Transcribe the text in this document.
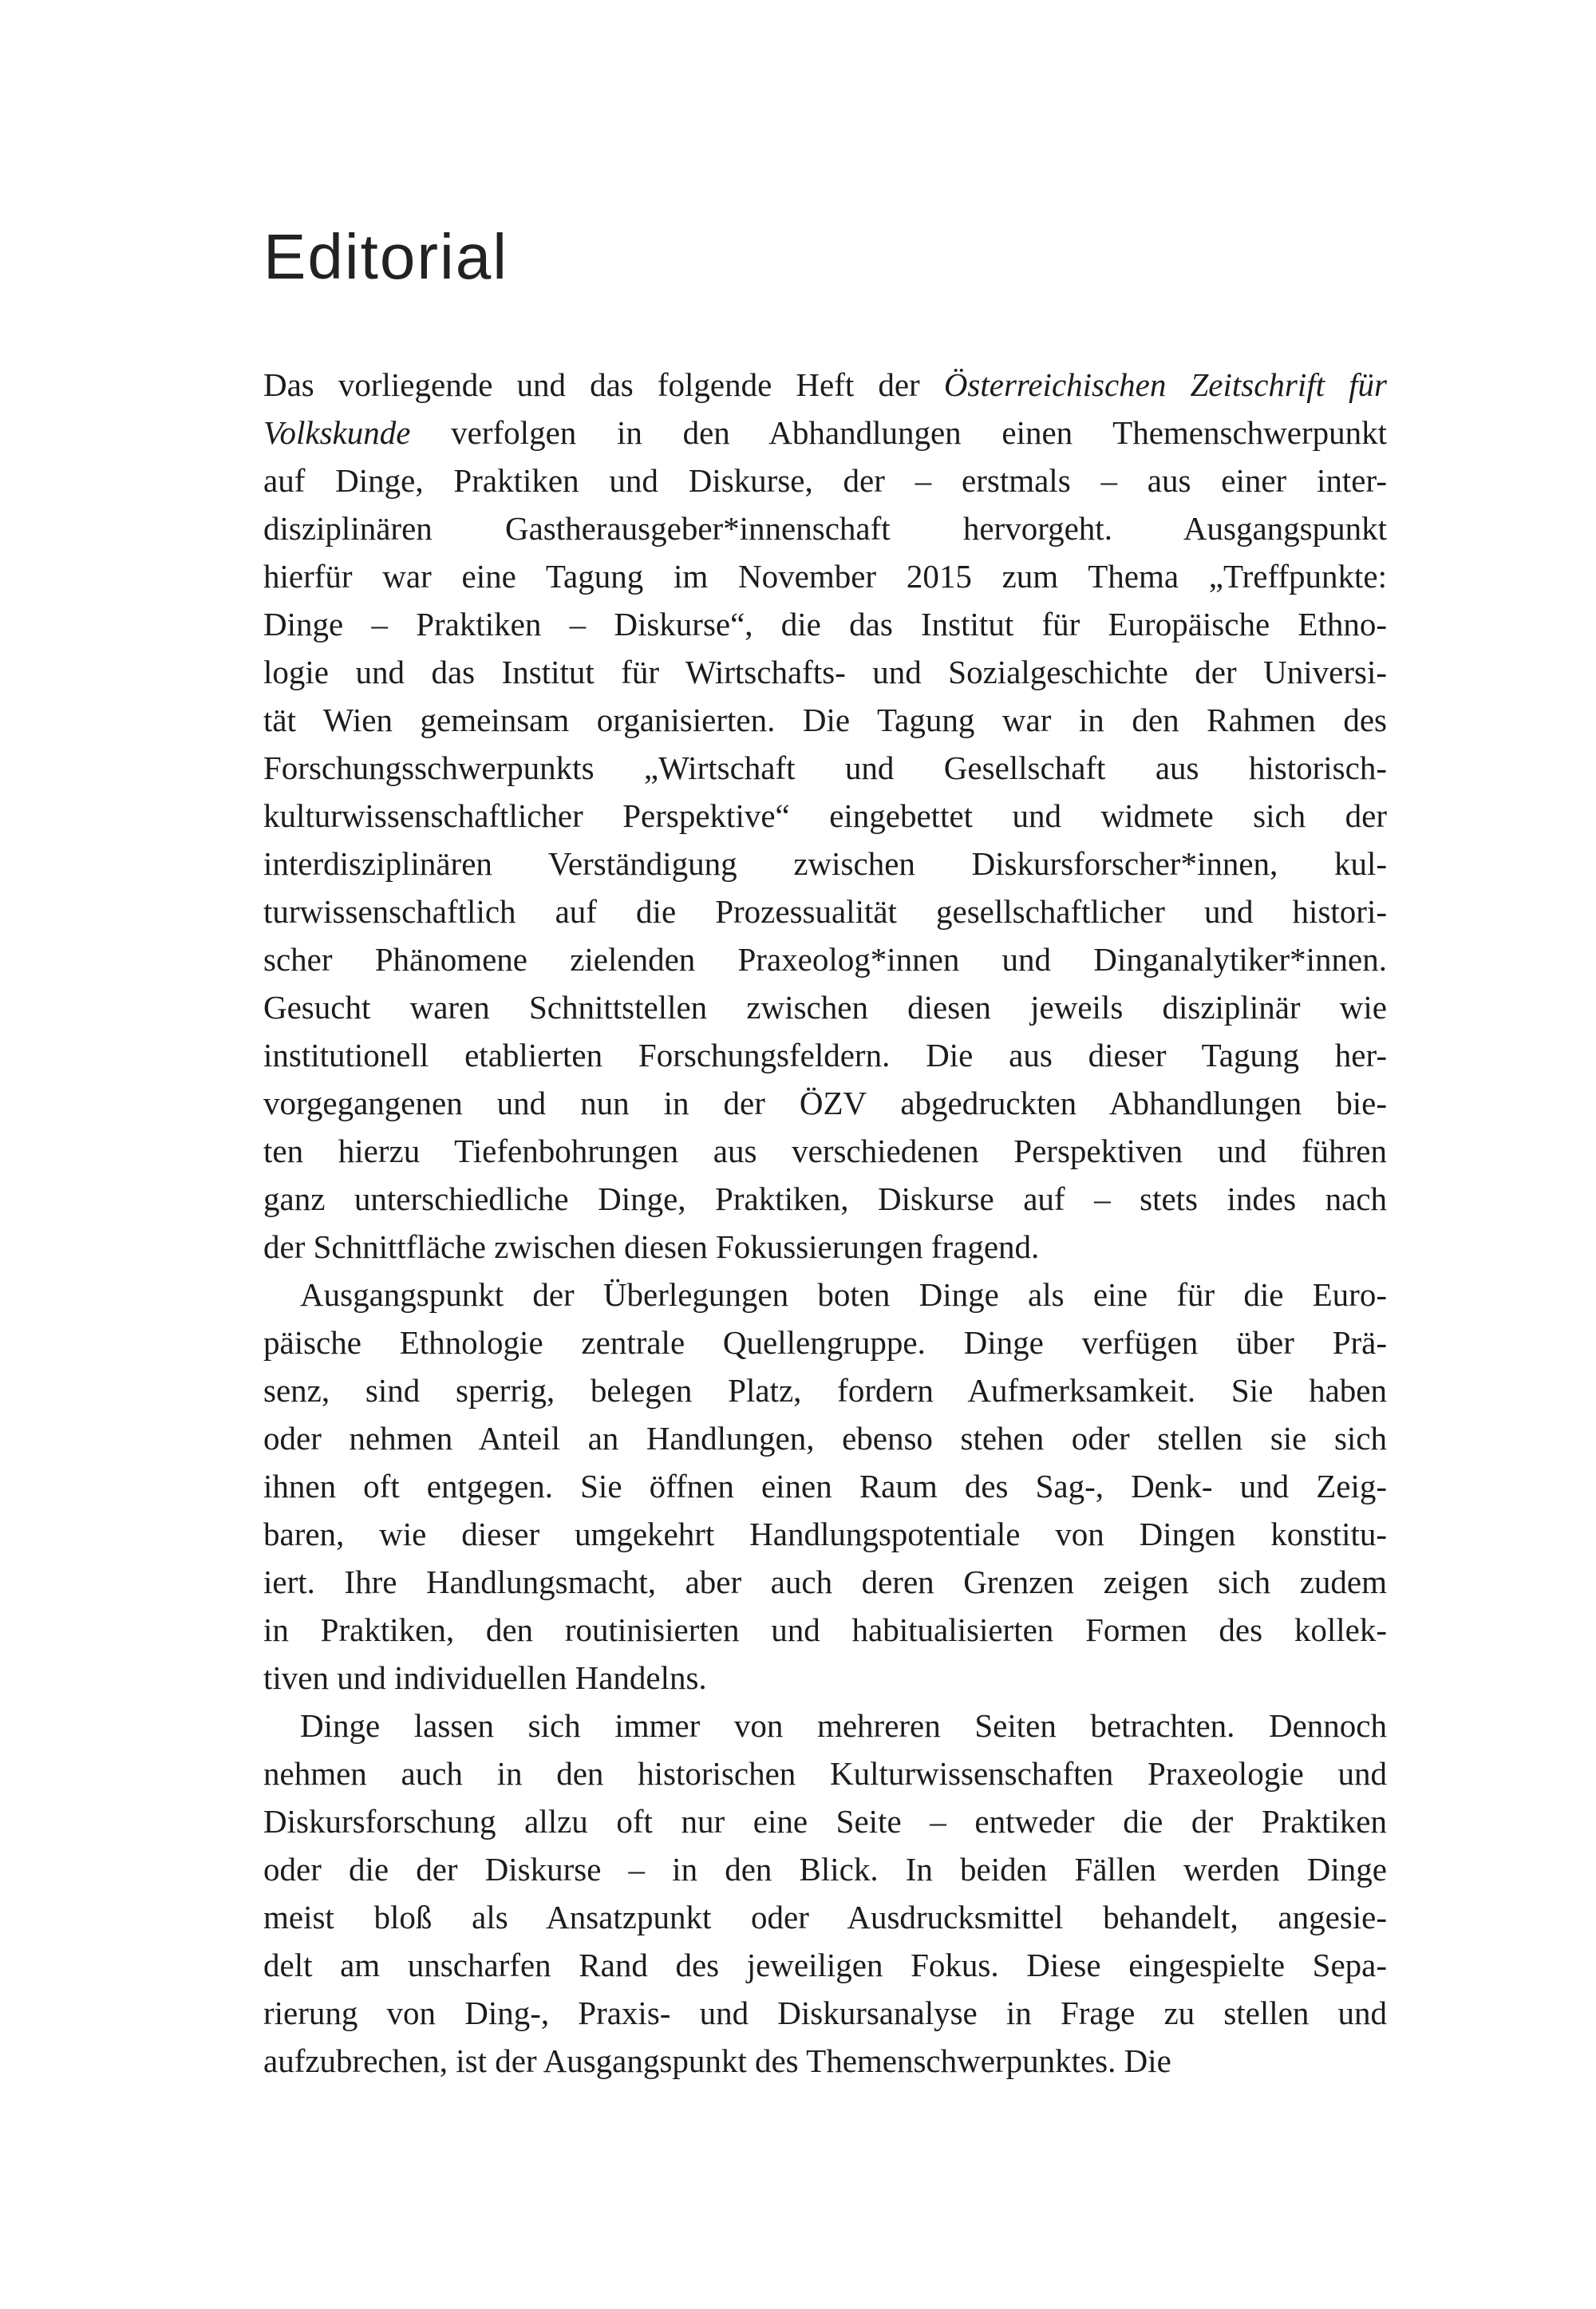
Editorial
Das vorliegende und das folgende Heft der Österreichischen Zeitschrift für
Volkskunde verfolgen in den Abhandlungen einen Themenschwerpunkt
auf Dinge, Praktiken und Diskurse, der – erstmals – aus einer inter-
disziplinären Gastherausgeber*innenschaft hervorgeht. Ausgangspunkt
hierfür war eine Tagung im November 2015 zum Thema „Treffpunkte:
Dinge – Praktiken – Diskurse“, die das Institut für Europäische Ethno-
logie und das Institut für Wirtschafts- und Sozialgeschichte der Universi-
tät Wien gemeinsam organisierten. Die Tagung war in den Rahmen des
Forschungsschwerpunkts „Wirtschaft und Gesellschaft aus historisch-
kulturwissenschaftlicher Perspektive“ eingebettet und widmete sich der
interdisziplinären Verständigung zwischen Diskursforscher*innen, kul-
turwissenschaftlich auf die Prozessualität gesellschaftlicher und histori-
scher Phänomene zielenden Praxeolog*innen und Dinganalytiker*innen.
Gesucht waren Schnittstellen zwischen diesen jeweils disziplinär wie
institutionell etablierten Forschungsfeldern. Die aus dieser Tagung her-
vorgegangenen und nun in der ÖZV abgedruckten Abhandlungen bie-
ten hierzu Tiefenbohrungen aus verschiedenen Perspektiven und führen
ganz unterschiedliche Dinge, Praktiken, Diskurse auf – stets indes nach
der Schnittfläche zwischen diesen Fokussierungen fragend.
Ausgangspunkt der Überlegungen boten Dinge als eine für die Euro-
päische Ethnologie zentrale Quellengruppe. Dinge verfügen über Prä-
senz, sind sperrig, belegen Platz, fordern Aufmerksamkeit. Sie haben
oder nehmen Anteil an Handlungen, ebenso stehen oder stellen sie sich
ihnen oft entgegen. Sie öffnen einen Raum des Sag-, Denk- und Zeig-
baren, wie dieser umgekehrt Handlungspotentiale von Dingen konstitu-
iert. Ihre Handlungsmacht, aber auch deren Grenzen zeigen sich zudem
in Praktiken, den routinisierten und habitualisierten Formen des kollek-
tiven und individuellen Handelns.
Dinge lassen sich immer von mehreren Seiten betrachten. Dennoch
nehmen auch in den historischen Kulturwissenschaften Praxeologie und
Diskursforschung allzu oft nur eine Seite – entweder die der Praktiken
oder die der Diskurse – in den Blick. In beiden Fällen werden Dinge
meist bloß als Ansatzpunkt oder Ausdrucksmittel behandelt, angesie-
delt am unscharfen Rand des jeweiligen Fokus. Diese eingespielte Sepa-
rierung von Ding-, Praxis- und Diskursanalyse in Frage zu stellen und
aufzubrechen, ist der Ausgangspunkt des Themenschwerpunktes. Die
